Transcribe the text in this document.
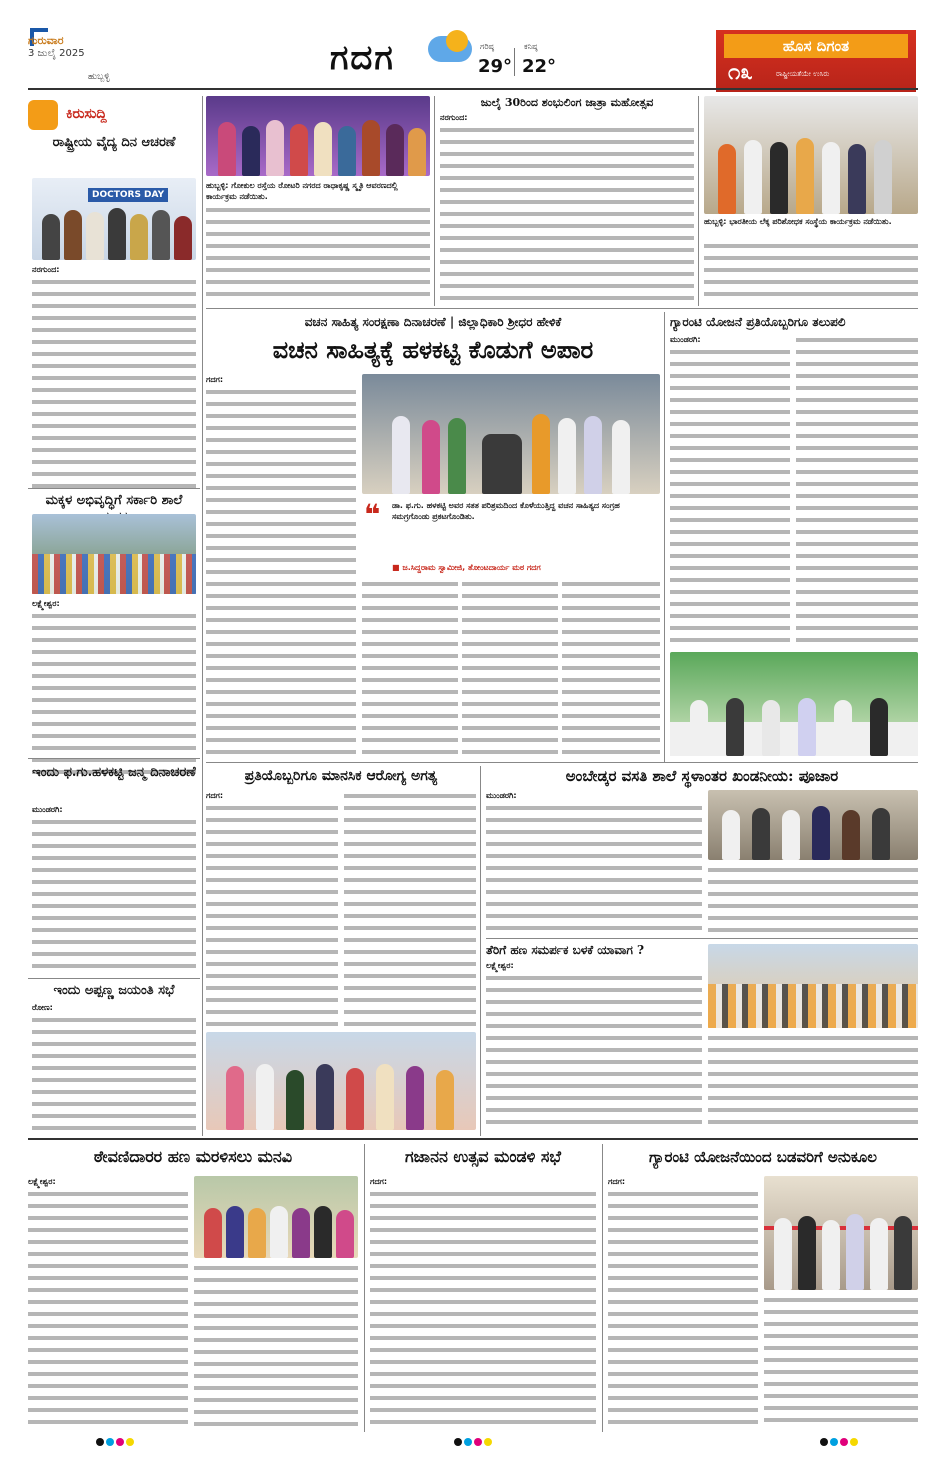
ಗುರುವಾರ
3 ಜುಲೈ 2025
ಹುಬ್ಬಳ್ಳಿ	ಗದಗ	ಗರಿಷ್ಠ
29°
ಕನಿಷ್ಠ
22°
ಹೊಸ ದಿಗಂತ
೧೩	ರಾಷ್ಟ್ರೀಯತೆಯೇ ಉಸಿರು
ಕಿರುಸುದ್ದಿ
ರಾಷ್ಟ್ರೀಯ ವೈದ್ಯ ದಿನ ಆಚರಣೆ
DOCTORS DAY
ನರಗುಂದ:
ಮಕ್ಕಳ ಅಭಿವೃದ್ಧಿಗೆ ಸರ್ಕಾರಿ ಶಾಲೆ
ಲಕ್ಷ್ಮೇಶ್ವರ:
ಇಂದು ಫ.ಗು.ಹಳಕಟ್ಟಿ ಜನ್ಮ ದಿನಾಚರಣೆ
ಮುಂಡರಗಿ:
ಇಂದು ಅಪ್ಪಣ್ಣ ಜಯಂತಿ ಸಭೆ
ರೋಣ:
ಹುಬ್ಬಳ್ಳಿ: ಗೋಕುಲ ರಸ್ತೆಯ ರೋಟರಿ ನಗರದ ರಾಧಾಕೃಷ್ಣ ಸ್ಮೃತಿ ಆವರಣದಲ್ಲಿ ಕಾರ್ಯಕ್ರಮ ನಡೆಯಿತು.
ಜುಲೈ 30ರಿಂದ ಶಂಭುಲಿಂಗ ಜಾತ್ರಾ ಮಹೋತ್ಸವ
ನರಗುಂದ:
ಹುಬ್ಬಳ್ಳಿ: ಭಾರತೀಯ ಲೆಕ್ಕ ಪರಿಶೋಧಕ ಸಂಸ್ಥೆಯ ಕಾರ್ಯಕ್ರಮ ನಡೆಯಿತು.
ವಚನ ಸಾಹಿತ್ಯ ಸಂರಕ್ಷಣಾ ದಿನಾಚರಣೆ | ಜಿಲ್ಲಾಧಿಕಾರಿ ಶ್ರೀಧರ ಹೇಳಿಕೆ
ವಚನ ಸಾಹಿತ್ಯಕ್ಕೆ ಹಳಕಟ್ಟಿ ಕೊಡುಗೆ ಅಪಾರ
ಗದಗ:
❝ ಡಾ. ಫ.ಗು. ಹಳಕಟ್ಟಿ ಅವರ ಸತತ ಪರಿಶ್ರಮದಿಂದ ಕೊಳೆಯುತ್ತಿದ್ದ ವಚನ ಸಾಹಿತ್ಯದ ಸಂಗ್ರಹ ಸಮಗ್ರಗೊಂಡು ಪ್ರಕಟಗೊಂಡಿತು.
■ ಜ.ಸಿದ್ದರಾಮ ಸ್ವಾಮೀಜಿ, ತೋಂಟದಾರ್ಯ ಮಠ ಗದಗ
ಗ್ಯಾರಂಟಿ ಯೋಜನೆ ಪ್ರತಿಯೊಬ್ಬರಿಗೂ ತಲುಪಲಿ
ಮುಂಡರಗಿ:
ಪ್ರತಿಯೊಬ್ಬರಿಗೂ ಮಾನಸಿಕ ಆರೋಗ್ಯ ಅಗತ್ಯ
ಗದಗ:
ಅಂಬೇಡ್ಕರ ವಸತಿ ಶಾಲೆ ಸ್ಥಳಾಂತರ ಖಂಡನೀಯ: ಪೂಜಾರ
ಮುಂಡರಗಿ:
ತೆರಿಗೆ ಹಣ ಸಮರ್ಪಕ ಬಳಕೆ ಯಾವಾಗ ?
ಲಕ್ಷ್ಮೇಶ್ವರ:
ಠೇವಣಿದಾರರ ಹಣ ಮರಳಿಸಲು ಮನವಿ
ಲಕ್ಷ್ಮೇಶ್ವರ:
ಗಜಾನನ ಉತ್ಸವ ಮಂಡಳಿ ಸಭೆ
ಗದಗ:
ಗ್ಯಾರಂಟಿ ಯೋಜನೆಯಿಂದ ಬಡವರಿಗೆ ಅನುಕೂಲ
ಗದಗ:
